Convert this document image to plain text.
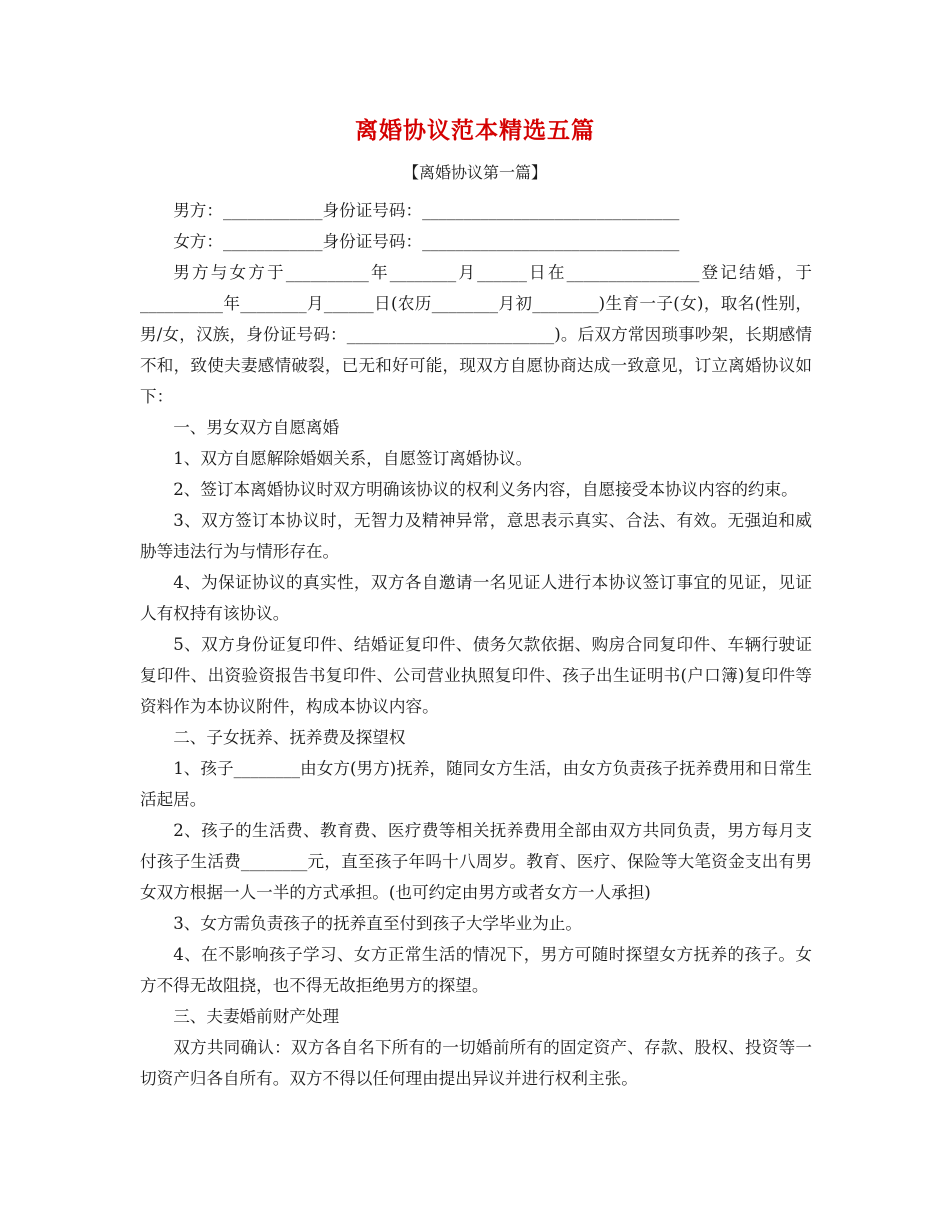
离婚协议范本精选五篇
【离婚协议第一篇】

男方：____________身份证号码：_______________________________

女方：____________身份证号码：_______________________________

男方与女方于__________年________月______日在________________登记结婚，于__________年________月______日(农历________月初________)生育一子(女)，取名(性别，男/女，汉族，身份证号码：_________________________)。后双方常因琐事吵架，长期感情不和，致使夫妻感情破裂，已无和好可能，现双方自愿协商达成一致意见，订立离婚协议如下：

一、男女双方自愿离婚

1、双方自愿解除婚姻关系，自愿签订离婚协议。

2、签订本离婚协议时双方明确该协议的权利义务内容，自愿接受本协议内容的约束。

3、双方签订本协议时，无智力及精神异常，意思表示真实、合法、有效。无强迫和威胁等违法行为与情形存在。

4、为保证协议的真实性，双方各自邀请一名见证人进行本协议签订事宜的见证，见证人有权持有该协议。

5、双方身份证复印件、结婚证复印件、债务欠款依据、购房合同复印件、车辆行驶证复印件、出资验资报告书复印件、公司营业执照复印件、孩子出生证明书(户口簿)复印件等资料作为本协议附件，构成本协议内容。

二、子女抚养、抚养费及探望权

1、孩子________由女方(男方)抚养，随同女方生活，由女方负责孩子抚养费用和日常生活起居。

2、孩子的生活费、教育费、医疗费等相关抚养费用全部由双方共同负责，男方每月支付孩子生活费________元，直至孩子年吗十八周岁。教育、医疗、保险等大笔资金支出有男女双方根据一人一半的方式承担。(也可约定由男方或者女方一人承担)

3、女方需负责孩子的抚养直至付到孩子大学毕业为止。

4、在不影响孩子学习、女方正常生活的情况下，男方可随时探望女方抚养的孩子。女方不得无故阻挠，也不得无故拒绝男方的探望。

三、夫妻婚前财产处理

双方共同确认：双方各自名下所有的一切婚前所有的固定资产、存款、股权、投资等一切资产归各自所有。双方不得以任何理由提出异议并进行权利主张。
